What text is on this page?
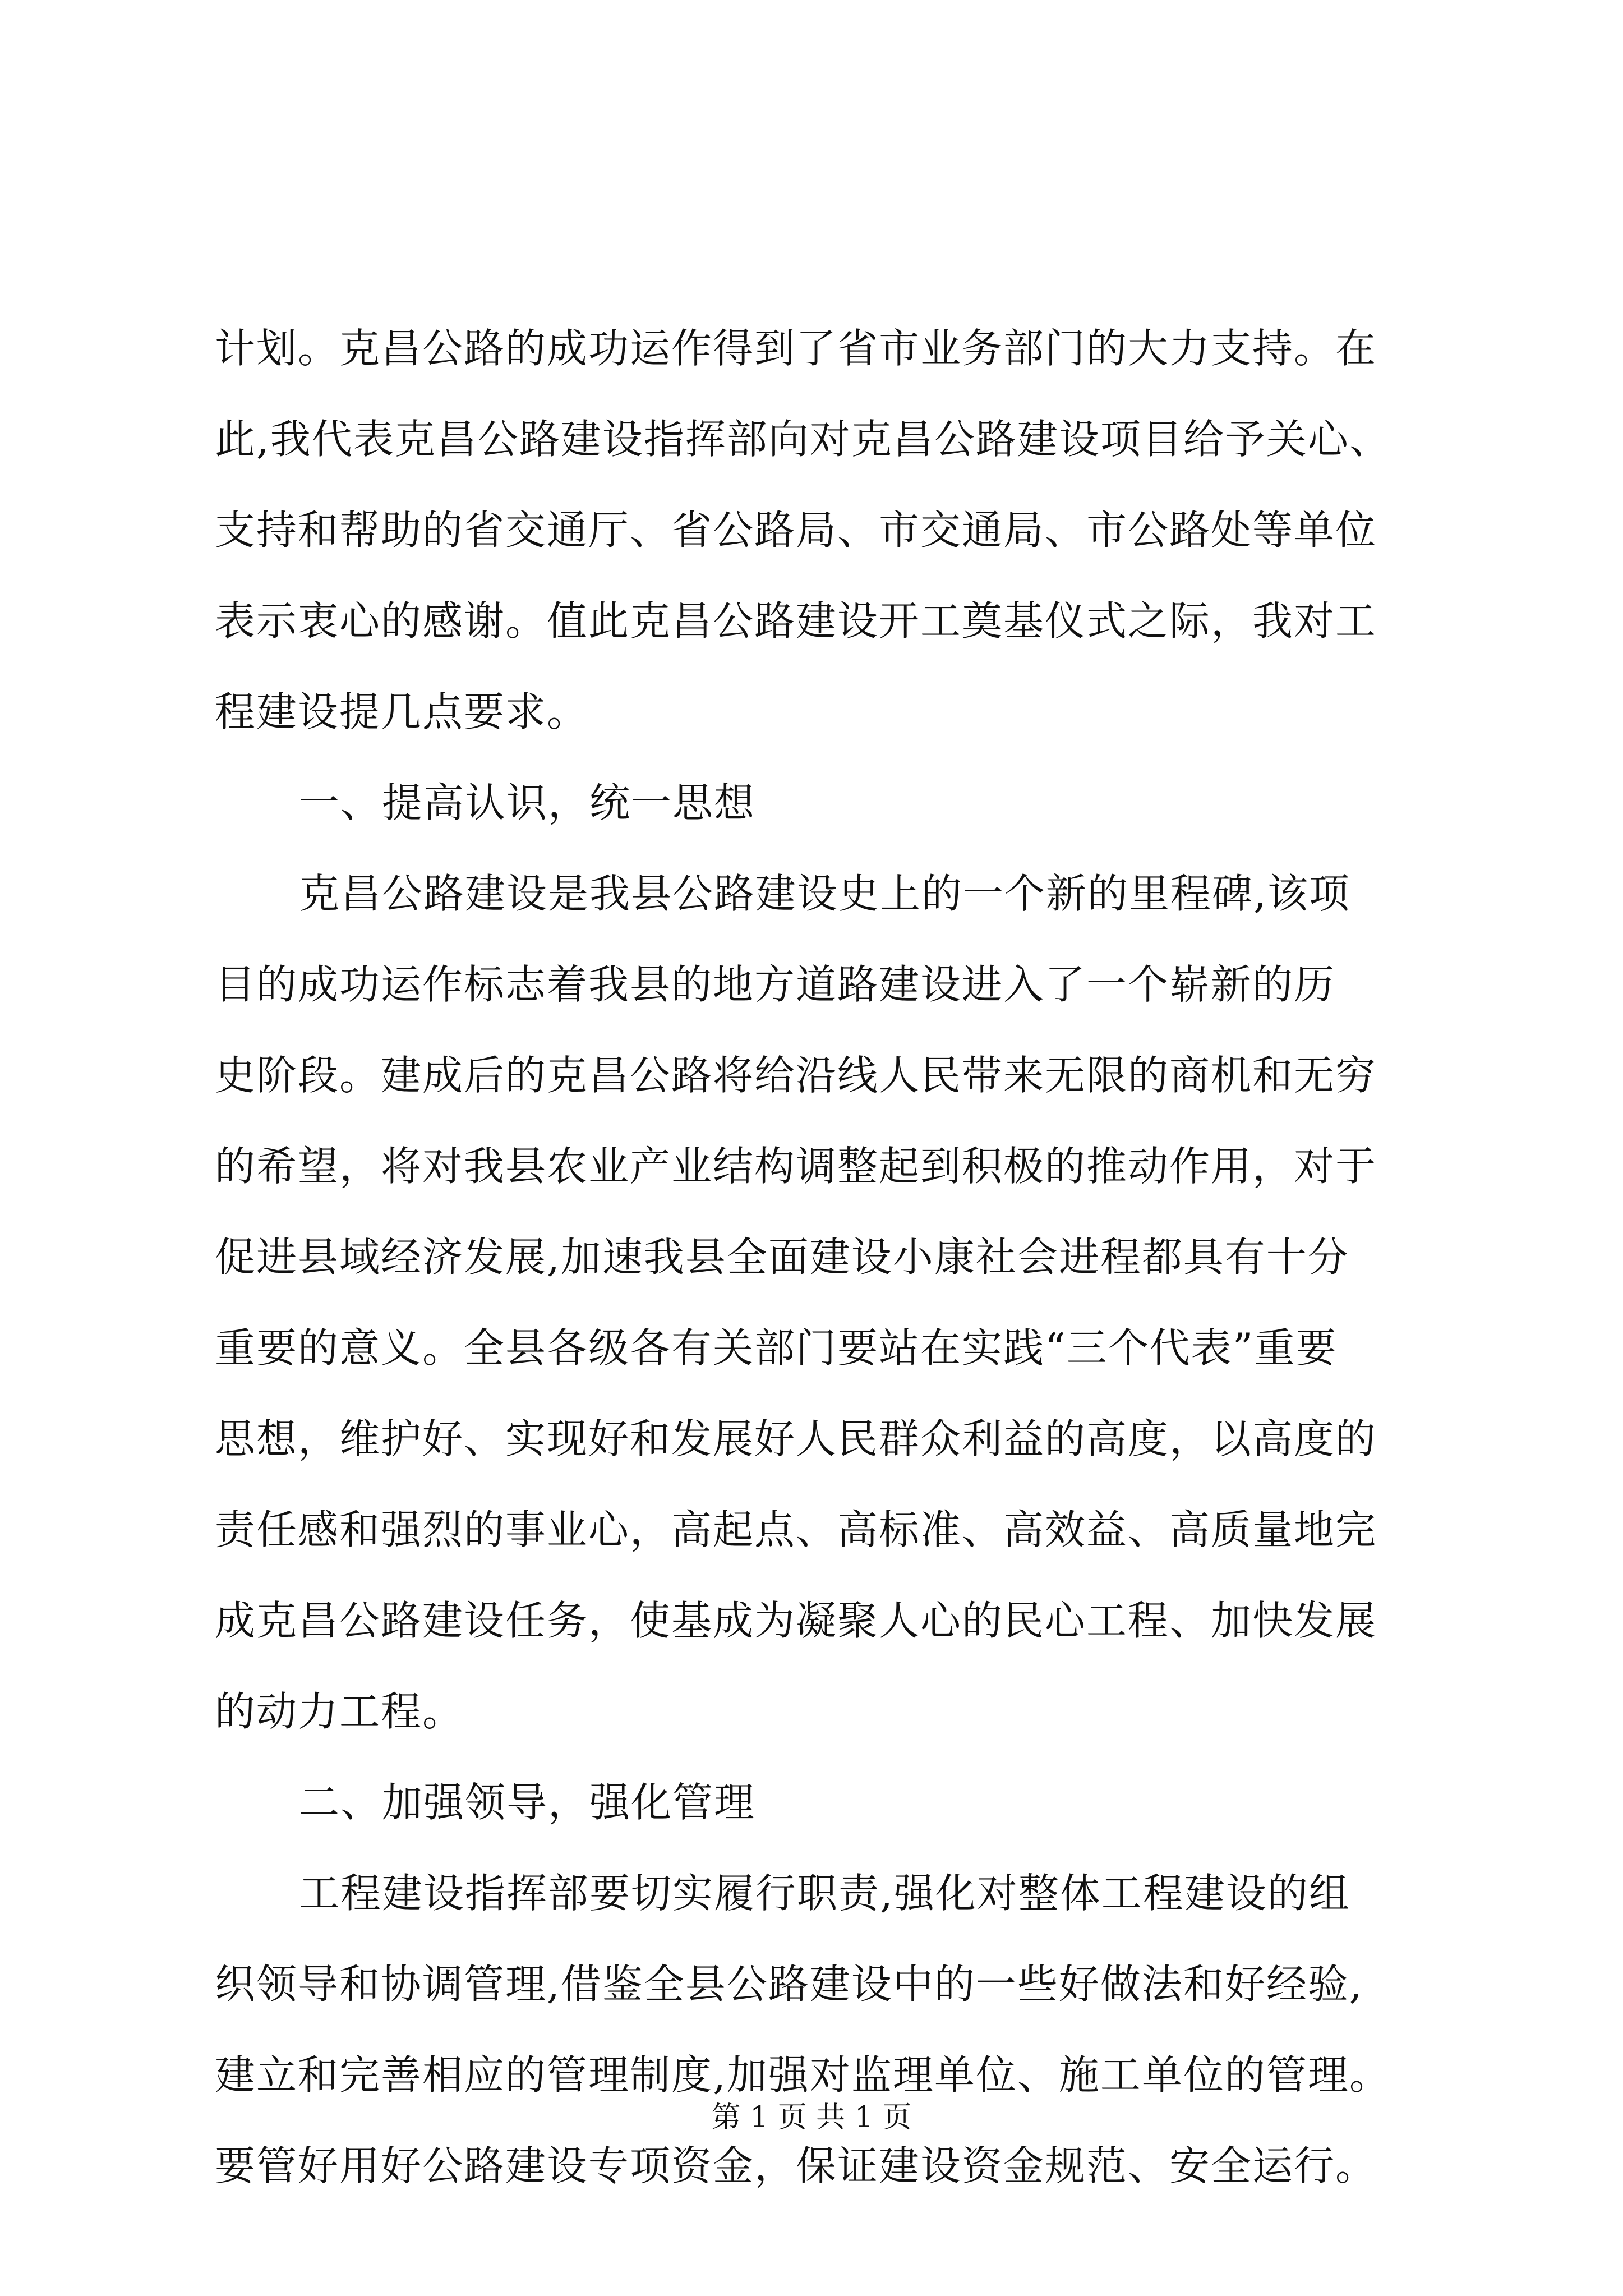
计划。克昌公路的成功运作得到了省市业务部门的大力支持。在
此,我代表克昌公路建设指挥部向对克昌公路建设项目给予关心、
支持和帮助的省交通厅、省公路局、市交通局、市公路处等单位
表示衷心的感谢。值此克昌公路建设开工奠基仪式之际，我对工
程建设提几点要求。
一、提高认识，统一思想
克昌公路建设是我县公路建设史上的一个新的里程碑,该项
目的成功运作标志着我县的地方道路建设进入了一个崭新的历
史阶段。建成后的克昌公路将给沿线人民带来无限的商机和无穷
的希望，将对我县农业产业结构调整起到积极的推动作用，对于
促进县域经济发展,加速我县全面建设小康社会进程都具有十分
重要的意义。全县各级各有关部门要站在实践“三个代表”重要
思想，维护好、实现好和发展好人民群众利益的高度，以高度的
责任感和强烈的事业心，高起点、高标准、高效益、高质量地完
成克昌公路建设任务，使基成为凝聚人心的民心工程、加快发展
的动力工程。
二、加强领导，强化管理
工程建设指挥部要切实履行职责,强化对整体工程建设的组
织领导和协调管理,借鉴全县公路建设中的一些好做法和好经验,
建立和完善相应的管理制度,加强对监理单位、施工单位的管理。
要管好用好公路建设专项资金，保证建设资金规范、安全运行。
第 1 页 共 1 页
